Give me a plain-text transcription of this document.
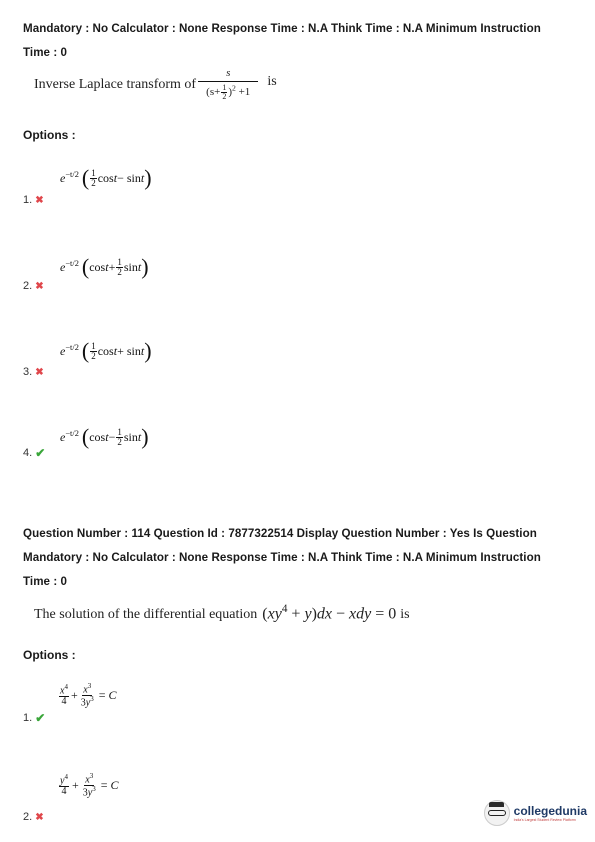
Mandatory : No Calculator : None Response Time : N.A Think Time : N.A Minimum Instruction
Time : 0
Inverse Laplace transform of $\frac{s}{(s+ \frac{1}{2} )^2 +1}$ is
Options :
$e^{-t/2}$
( $\frac{1}{2}$ cos t − sin t )
1. ✖
$e^{-t/2}$
( $\cos t + \frac{1}{2}$ sin t )
2. ✖
$e^{-t/2}$
( $\frac{1}{2}$ cos t + sin t )
3. ✖
$e^{-t/2}$
( $\cos t - \frac{1}{2}$ sin t )
4. ✔
Question Number : 114 Question Id : 7877322514 Display Question Number : Yes Is Question
Mandatory : No Calculator : None Response Time : N.A Think Time : N.A Minimum Instruction
Time : 0
The solution of the differential equation $(xy^4 + y)dx$ − xdy = 0 is
Options :
$\frac{x^4}{4} + \frac{x^3}{3y^3} = C$
1. ✔
$\frac{y^4}{4} + \frac{x^3}{3y^3} = C$
2. ✖	collegedunia
India's Largest Student Review Platform
